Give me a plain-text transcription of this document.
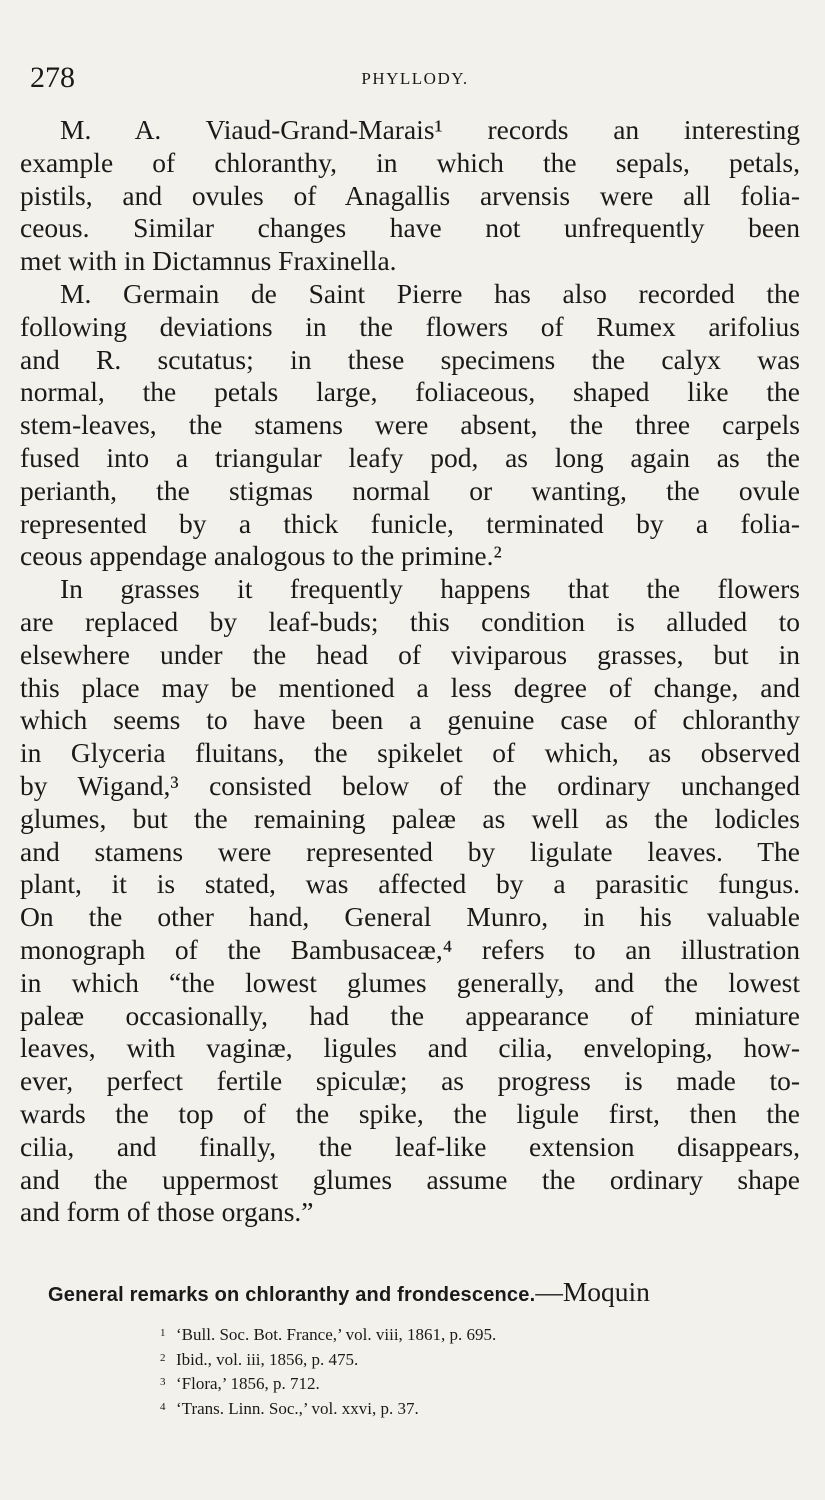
278	PHYLLODY.
M. A. Viaud-Grand-Marais¹ records an interesting
example of chloranthy, in which the sepals, petals,
pistils, and ovules of Anagallis arvensis were all folia-
ceous. Similar changes have not unfrequently been
met with in Dictamnus Fraxinella.
M. Germain de Saint Pierre has also recorded the
following deviations in the flowers of Rumex arifolius
and R. scutatus; in these specimens the calyx was
normal, the petals large, foliaceous, shaped like the
stem-leaves, the stamens were absent, the three carpels
fused into a triangular leafy pod, as long again as the
perianth, the stigmas normal or wanting, the ovule
represented by a thick funicle, terminated by a folia-
ceous appendage analogous to the primine.²
In grasses it frequently happens that the flowers
are replaced by leaf-buds; this condition is alluded to
elsewhere under the head of viviparous grasses, but in
this place may be mentioned a less degree of change, and
which seems to have been a genuine case of chloranthy
in Glyceria fluitans, the spikelet of which, as observed
by Wigand,³ consisted below of the ordinary unchanged
glumes, but the remaining paleæ as well as the lodicles
and stamens were represented by ligulate leaves. The
plant, it is stated, was affected by a parasitic fungus.
On the other hand, General Munro, in his valuable
monograph of the Bambusaceæ,⁴ refers to an illustration
in which “the lowest glumes generally, and the lowest
paleæ occasionally, had the appearance of miniature
leaves, with vaginæ, ligules and cilia, enveloping, how-
ever, perfect fertile spiculæ; as progress is made to-
wards the top of the spike, the ligule first, then the
cilia, and finally, the leaf-like extension disappears,
and the uppermost glumes assume the ordinary shape
and form of those organs.”
General remarks on chloranthy and frondescence.—Moquin
1 ‘Bull. Soc. Bot. France,’ vol. viii, 1861, p. 695.
2 Ibid., vol. iii, 1856, p. 475.
3 ‘Flora,’ 1856, p. 712.
4 ‘Trans. Linn. Soc.,’ vol. xxvi, p. 37.
